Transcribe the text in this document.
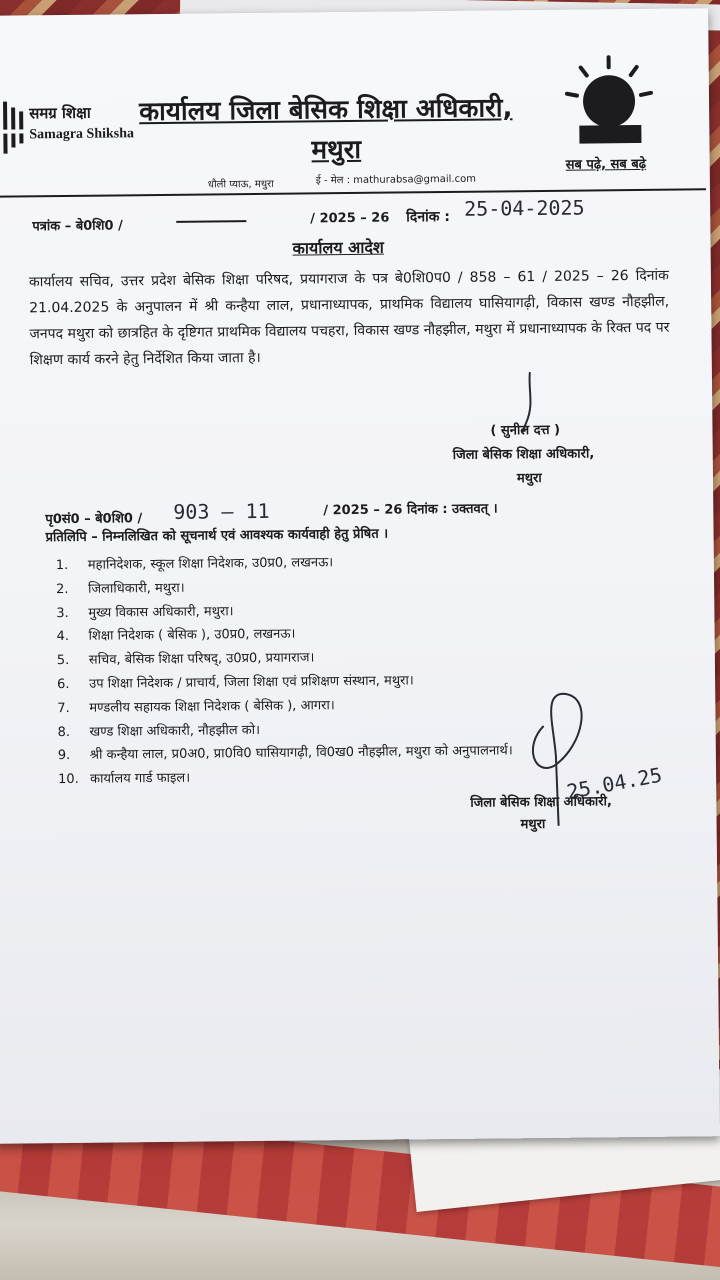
समग्र शिक्षा
Samagra Shiksha
कार्यालय जिला बेसिक शिक्षा अधिकारी,
मथुरा
धौली प्याऊ, मथुरा	ई - मेल : mathurabsa@gmail.com
सब पढ़े, सब बढ़े
पत्रांक – बे0शि0 /	/ 2025 – 26 दिनांक : 25-04-2025
कार्यालय आदेश
कार्यालय सचिव, उत्तर प्रदेश बेसिक शिक्षा परिषद, प्रयागराज के पत्र बे0शि0प0 / 858 – 61 / 2025 – 26 दिनांक 21.04.2025 के अनुपालन में श्री कन्हैया लाल, प्रधानाध्यापक, प्राथमिक विद्यालय घासियागढ़ी, विकास खण्ड नौहझील, जनपद मथुरा को छात्रहित के दृष्टिगत प्राथमिक विद्यालय पचहरा, विकास खण्ड नौहझील, मथुरा में प्रधानाध्यापक के रिक्त पद पर शिक्षण कार्य करने हेतु निर्देशित किया जाता है।
( सुनील दत्त )
जिला बेसिक शिक्षा अधिकारी,
मथुरा
पृ0सं0 – बे0शि0 / 903 – 11	/ 2025 – 26 दिनांक : उक्तवत् ।
प्रतिलिपि – निम्नलिखित को सूचनार्थ एवं आवश्यक कार्यवाही हेतु प्रेषित ।
1. महानिदेशक, स्कूल शिक्षा निदेशक, उ0प्र0, लखनऊ।
2. जिलाधिकारी, मथुरा।
3. मुख्य विकास अधिकारी, मथुरा।
4. शिक्षा निदेशक ( बेसिक ), उ0प्र0, लखनऊ।
5. सचिव, बेसिक शिक्षा परिषद्, उ0प्र0, प्रयागराज।
6. उप शिक्षा निदेशक / प्राचार्य, जिला शिक्षा एवं प्रशिक्षण संस्थान, मथुरा।
7. मण्डलीय सहायक शिक्षा निदेशक ( बेसिक ), आगरा।
8. खण्ड शिक्षा अधिकारी, नौहझील को।
9. श्री कन्हैया लाल, प्र0अ0, प्रा0वि0 घासियागढ़ी, वि0ख0 नौहझील, मथुरा को अनुपालनार्थ।
10. कार्यालय गार्ड फाइल।
जिला बेसिक शिक्षा अधिकारी,
मथुरा
25.04.25
